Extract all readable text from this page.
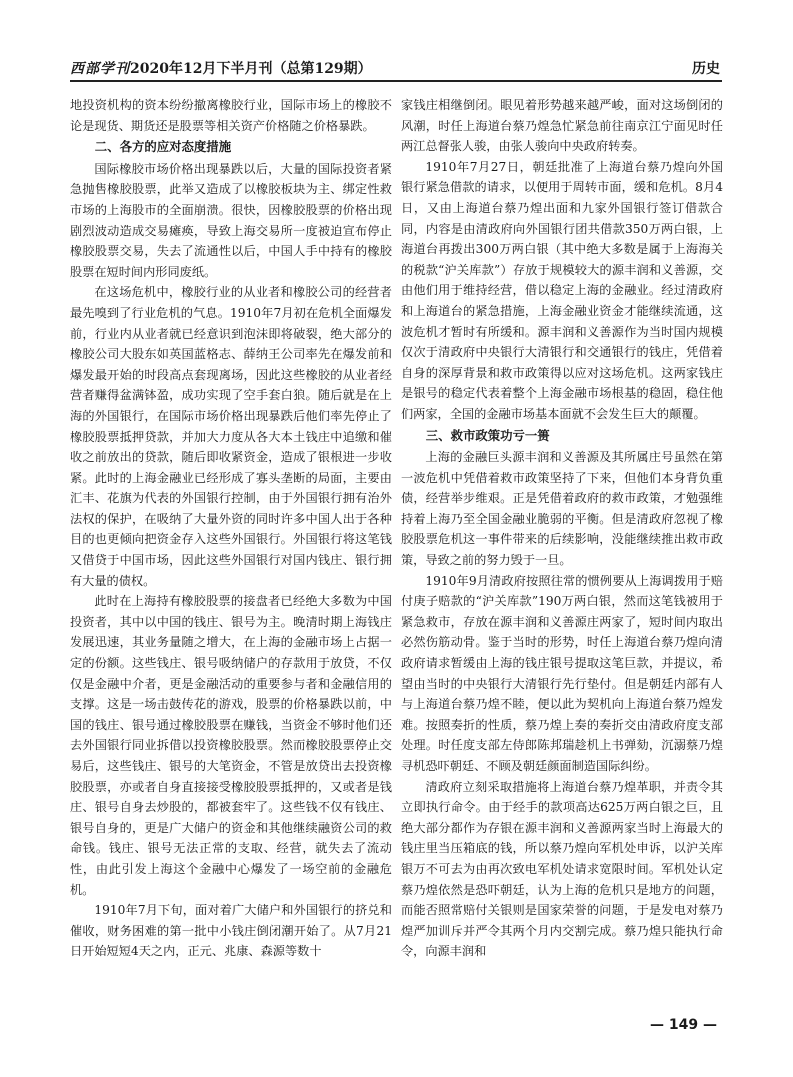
西部学刊2020年12月下半月刊（总第129期）	历史

地投资机构的资本纷纷撤离橡胶行业，国际市场上的橡胶不论是现货、期货还是股票等相关资产价格随之价格暴跌。

二、各方的应对态度措施

国际橡胶市场价格出现暴跌以后，大量的国际投资者紧急抛售橡胶股票，此举又造成了以橡胶板块为主、绑定性救市场的上海股市的全面崩溃。很快，因橡胶股票的价格出现剧烈波动造成交易瘫痪，导致上海交易所一度被迫宣布停止橡胶股票交易，失去了流通性以后，中国人手中持有的橡胶股票在短时间内形同废纸。

在这场危机中，橡胶行业的从业者和橡胶公司的经营者最先嗅到了行业危机的气息。1910年7月初在危机全面爆发前，行业内从业者就已经意识到泡沫即将破裂，绝大部分的橡胶公司大股东如英国蓝格志、薛纳王公司率先在爆发前和爆发最开始的时段高点套现离场，因此这些橡胶的从业者经营者赚得盆满钵盈，成功实现了空手套白狼。随后就是在上海的外国银行，在国际市场价格出现暴跌后他们率先停止了橡胶股票抵押贷款，并加大力度从各大本土钱庄中追缴和催收之前放出的贷款，随后即收紧资金，造成了银根进一步收紧。此时的上海金融业已经形成了寡头垄断的局面，主要由汇丰、花旗为代表的外国银行控制，由于外国银行拥有治外法权的保护，在吸纳了大量外资的同时许多中国人出于各种目的也更倾向把资金存入这些外国银行。外国银行将这笔钱又借贷于中国市场，因此这些外国银行对国内钱庄、银行拥有大量的债权。

此时在上海持有橡胶股票的接盘者已经绝大多数为中国投资者，其中以中国的钱庄、银号为主。晚清时期上海钱庄发展迅速，其业务量随之增大，在上海的金融市场上占据一定的份额。这些钱庄、银号吸纳储户的存款用于放贷，不仅仅是金融中介者，更是金融活动的重要参与者和金融信用的支撑。这是一场击鼓传花的游戏，股票的价格暴跌以前，中国的钱庄、银号通过橡胶股票在赚钱，当资金不够时他们还去外国银行同业拆借以投资橡胶股票。然而橡胶股票停止交易后，这些钱庄、银号的大笔资金，不管是放贷出去投资橡胶股票，亦或者自身直接接受橡胶股票抵押的，又或者是钱庄、银号自身去炒股的，都被套牢了。这些钱不仅有钱庄、银号自身的，更是广大储户的资金和其他继续融资公司的救命钱。钱庄、银号无法正常的支取、经营，就失去了流动性，由此引发上海这个金融中心爆发了一场空前的金融危机。

1910年7月下旬，面对着广大储户和外国银行的挤兑和催收，财务困难的第一批中小钱庄倒闭潮开始了。从7月21日开始短短4天之内，正元、兆康、森源等数十

家钱庄相继倒闭。眼见着形势越来越严峻，面对这场倒闭的风潮，时任上海道台蔡乃煌急忙紧急前往南京江宁面见时任两江总督张人骏，由张人骏向中央政府转奏。

1910年7月27日，朝廷批准了上海道台蔡乃煌向外国银行紧急借款的请求，以便用于周转市面，缓和危机。8月4日，又由上海道台蔡乃煌出面和九家外国银行签订借款合同，内容是由清政府向外国银行团共借款350万两白银，上海道台再拨出300万两白银（其中绝大多数是属于上海海关的税款“沪关库款”）存放于规模较大的源丰润和义善源，交由他们用于维持经营，借以稳定上海的金融业。经过清政府和上海道台的紧急措施，上海金融业资金才能继续流通，这波危机才暂时有所缓和。源丰润和义善源作为当时国内规模仅次于清政府中央银行大清银行和交通银行的钱庄，凭借着自身的深厚背景和救市政策得以应对这场危机。这两家钱庄是银号的稳定代表着整个上海金融市场根基的稳固，稳住他们两家，全国的金融市场基本面就不会发生巨大的颠覆。

三、救市政策功亏一篑

上海的金融巨头源丰润和义善源及其所属庄号虽然在第一波危机中凭借着救市政策坚持了下来，但他们本身背负重债，经营举步维艰。正是凭借着政府的救市政策，才勉强维持着上海乃至全国金融业脆弱的平衡。但是清政府忽视了橡胶股票危机这一事件带来的后续影响，没能继续推出救市政策，导致之前的努力毁于一旦。

1910年9月清政府按照往常的惯例要从上海调拨用于赔付庚子赔款的“沪关库款”190万两白银，然而这笔钱被用于紧急救市，存放在源丰润和义善源庄两家了，短时间内取出必然伤筋动骨。鉴于当时的形势，时任上海道台蔡乃煌向清政府请求暂缓由上海的钱庄银号提取这笔巨款，并提议，希望由当时的中央银行大清银行先行垫付。但是朝廷内部有人与上海道台蔡乃煌不睦，便以此为契机向上海道台蔡乃煌发难。按照奏折的性质，蔡乃煌上奏的奏折交由清政府度支部处理。时任度支部左侍郎陈邦瑞趁机上书弹劾，沉溺蔡乃煌寻机恐吓朝廷、不顾及朝廷颜面制造国际纠纷。

清政府立刻采取措施将上海道台蔡乃煌革职，并责令其立即执行命令。由于经手的款项高达625万两白银之巨，且绝大部分都作为存银在源丰润和义善源两家当时上海最大的钱庄里当压箱底的钱，所以蔡乃煌向军机处申诉，以沪关库银万不可去为由再次致电军机处请求宽限时间。军机处认定蔡乃煌依然是恐吓朝廷，认为上海的危机只是地方的问题，而能否照常赔付关银则是国家荣誉的问题，于是发电对蔡乃煌严加训斥并严令其两个月内交割完成。蔡乃煌只能执行命令，向源丰润和

— 149 —
